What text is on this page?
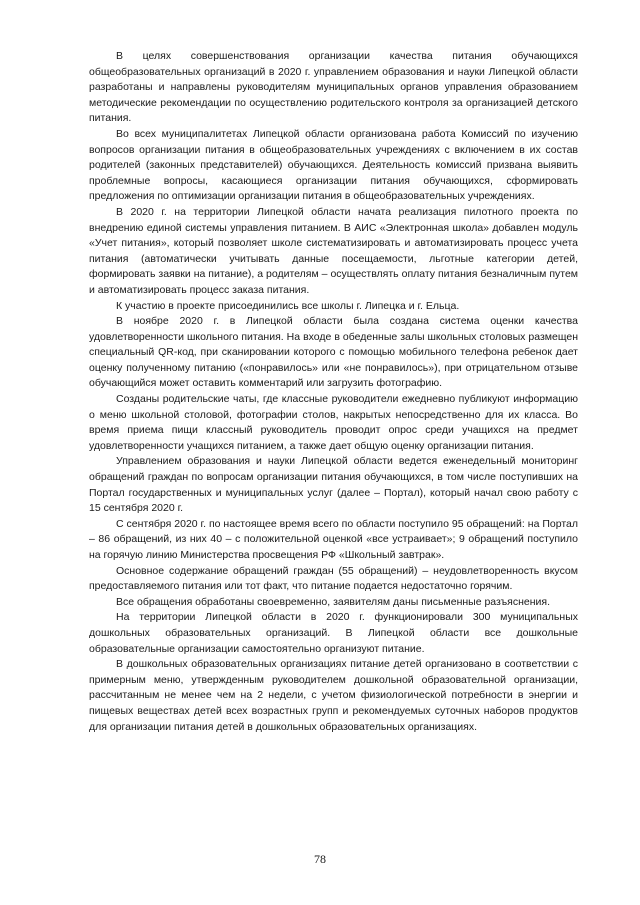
В целях совершенствования организации качества питания обучающихся общеобразовательных организаций в 2020 г. управлением образования и науки Липецкой области разработаны и направлены руководителям муниципальных органов управления образованием методические рекомендации по осуществлению родительского контроля за организацией детского питания.

Во всех муниципалитетах Липецкой области организована работа Комиссий по изучению вопросов организации питания в общеобразовательных учреждениях с включением в их состав родителей (законных представителей) обучающихся. Деятельность комиссий призвана выявить проблемные вопросы, касающиеся организации питания обучающихся, сформировать предложения по оптимизации организации питания в общеобразовательных учреждениях.

В 2020 г. на территории Липецкой области начата реализация пилотного проекта по внедрению единой системы управления питанием. В АИС «Электронная школа» добавлен модуль «Учет питания», который позволяет школе систематизировать и автоматизировать процесс учета питания (автоматически учитывать данные посещаемости, льготные категории детей, формировать заявки на питание), а родителям – осуществлять оплату питания безналичным путем и автоматизировать процесс заказа питания.

К участию в проекте присоединились все школы г. Липецка и г. Ельца.

В ноябре 2020 г. в Липецкой области была создана система оценки качества удовлетворенности школьного питания. На входе в обеденные залы школьных столовых размещен специальный QR-код, при сканировании которого с помощью мобильного телефона ребенок дает оценку полученному питанию («понравилось» или «не понравилось»), при отрицательном отзыве обучающийся может оставить комментарий или загрузить фотографию.

Созданы родительские чаты, где классные руководители ежедневно публикуют информацию о меню школьной столовой, фотографии столов, накрытых непосредственно для их класса. Во время приема пищи классный руководитель проводит опрос среди учащихся на предмет удовлетворенности учащихся питанием, а также дает общую оценку организации питания.

Управлением образования и науки Липецкой области ведется еженедельный мониторинг обращений граждан по вопросам организации питания обучающихся, в том числе поступивших на Портал государственных и муниципальных услуг (далее – Портал), который начал свою работу с 15 сентября 2020 г.

С сентября 2020 г. по настоящее время всего по области поступило 95 обращений: на Портал – 86 обращений, из них 40 – с положительной оценкой «все устраивает»; 9 обращений поступило на горячую линию Министерства просвещения РФ «Школьный завтрак».

Основное содержание обращений граждан (55 обращений) – неудовлетворенность вкусом предоставляемого питания или тот факт, что питание подается недостаточно горячим.

Все обращения обработаны своевременно, заявителям даны письменные разъяснения.

На территории Липецкой области в 2020 г. функционировали 300 муниципальных дошкольных образовательных организаций. В Липецкой области все дошкольные образовательные организации самостоятельно организуют питание.

В дошкольных образовательных организациях питание детей организовано в соответствии с примерным меню, утвержденным руководителем дошкольной образовательной организации, рассчитанным не менее чем на 2 недели, с учетом физиологической потребности в энергии и пищевых веществах детей всех возрастных групп и рекомендуемых суточных наборов продуктов для организации питания детей в дошкольных образовательных организациях.

78
